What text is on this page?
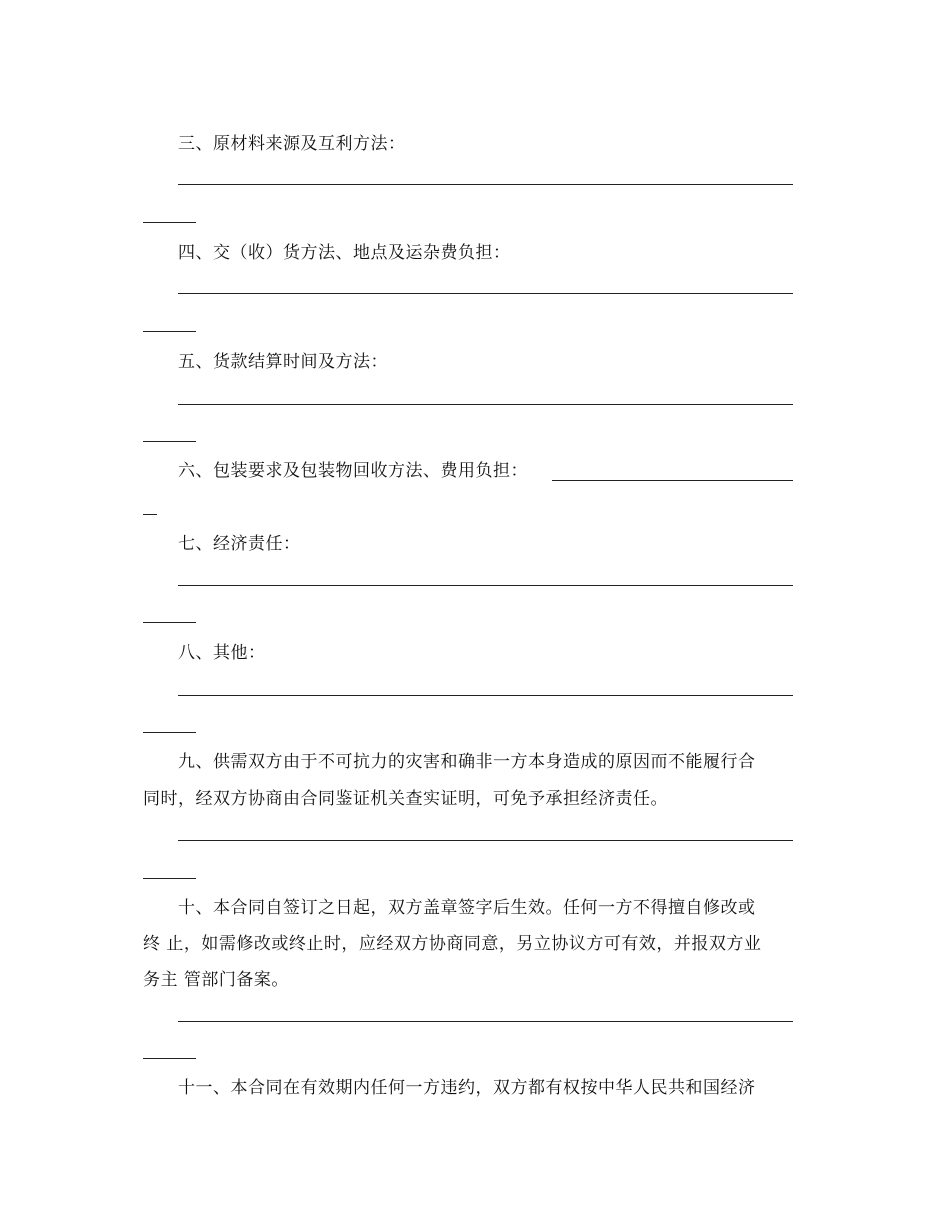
三、原材料来源及互利方法：
四、交（收）货方法、地点及运杂费负担：
五、货款结算时间及方法：
六、包装要求及包装物回收方法、费用负担：
七、经济责任：
八、其他：
九、供需双方由于不可抗力的灾害和确非一方本身造成的原因而不能履行合
同时，经双方协商由合同鉴证机关查实证明，可免予承担经济责任。
十、本合同自签订之日起，双方盖章签字后生效。任何一方不得擅自修改或
终 止，如需修改或终止时，应经双方协商同意，另立协议方可有效，并报双方业
务主 管部门备案。
十一、本合同在有效期内任何一方违约，双方都有权按中华人民共和国经济
